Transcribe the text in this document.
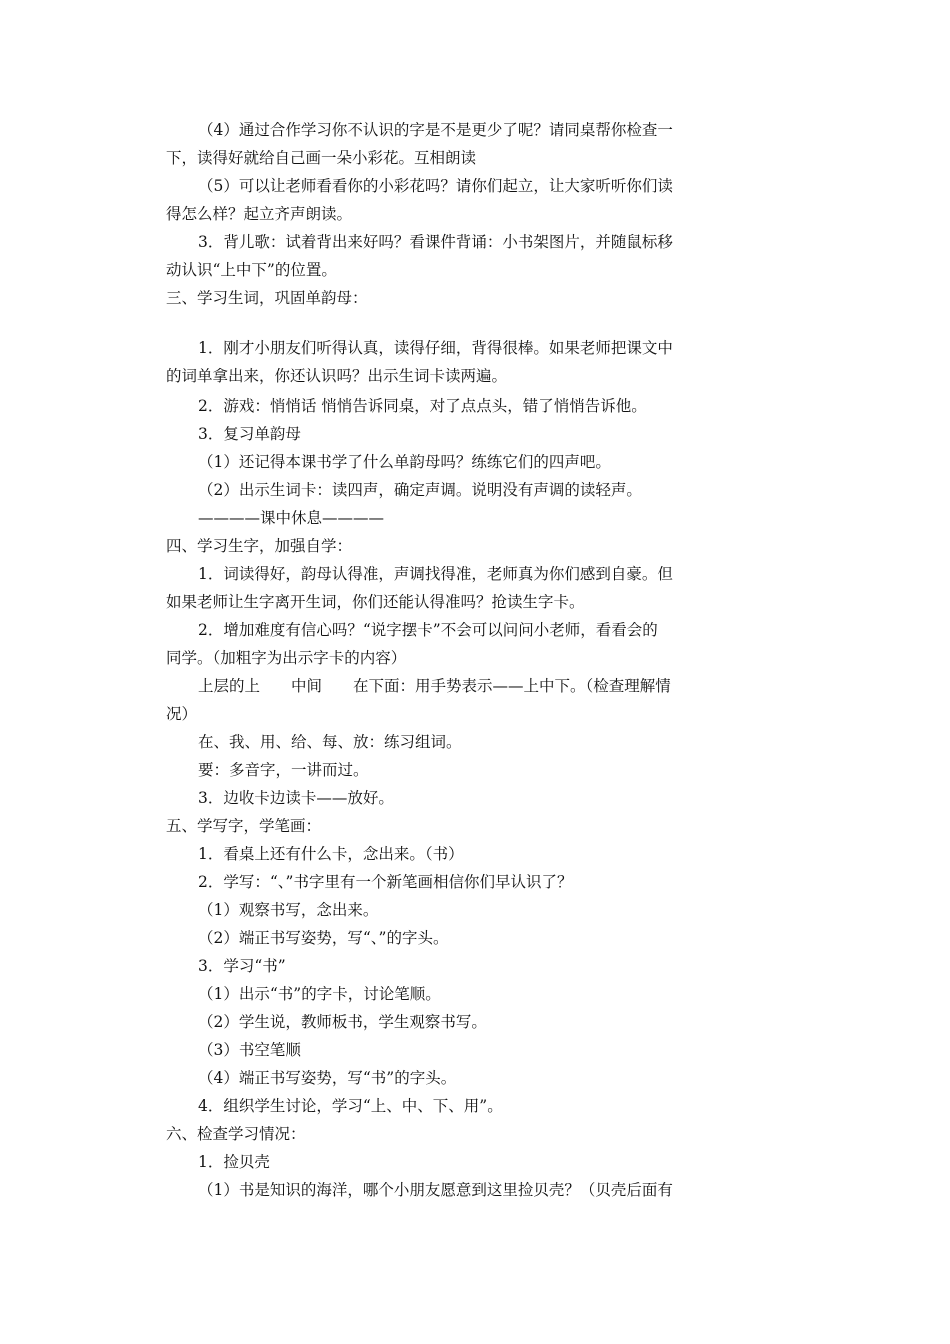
（4）通过合作学习你不认识的字是不是更少了呢？请同桌帮你检查一
下，读得好就给自己画一朵小彩花。互相朗读
（5）可以让老师看看你的小彩花吗？请你们起立，让大家听听你们读
得怎么样？起立齐声朗读。
3．背儿歌：试着背出来好吗？看课件背诵：小书架图片，并随鼠标移
动认识“上中下”的位置。
三、学习生词，巩固单韵母：
1．刚才小朋友们听得认真，读得仔细，背得很棒。如果老师把课文中
的词单拿出来，你还认识吗？出示生词卡读两遍。
2．游戏：悄悄话 悄悄告诉同桌，对了点点头，错了悄悄告诉他。
3．复习单韵母
（1）还记得本课书学了什么单韵母吗？练练它们的四声吧。
（2）出示生词卡：读四声，确定声调。说明没有声调的读轻声。
————课中休息————
四、学习生字，加强自学：
1．词读得好，韵母认得准，声调找得准，老师真为你们感到自豪。但
如果老师让生字离开生词，你们还能认得准吗？抢读生字卡。
2．增加难度有信心吗？“说字摆卡”不会可以问问小老师，看看会的
同学。（加粗字为出示字卡的内容）
上层的上　　中间　　在下面：用手势表示——上中下。（检查理解情
况）
在、我、用、给、每、放：练习组词。
要：多音字，一讲而过。
3．边收卡边读卡——放好。
五、学写字，学笔画：
1．看桌上还有什么卡，念出来。（书）
2．学写：“、”书字里有一个新笔画相信你们早认识了？
（1）观察书写，念出来。
（2）端正书写姿势，写“、”的字头。
3．学习“书”
（1）出示“书”的字卡，讨论笔顺。
（2）学生说，教师板书，学生观察书写。
（3）书空笔顺
（4）端正书写姿势，写“书”的字头。
4．组织学生讨论，学习“上、中、下、用”。
六、检查学习情况：
1．捡贝壳
（1）书是知识的海洋，哪个小朋友愿意到这里捡贝壳？（贝壳后面有
